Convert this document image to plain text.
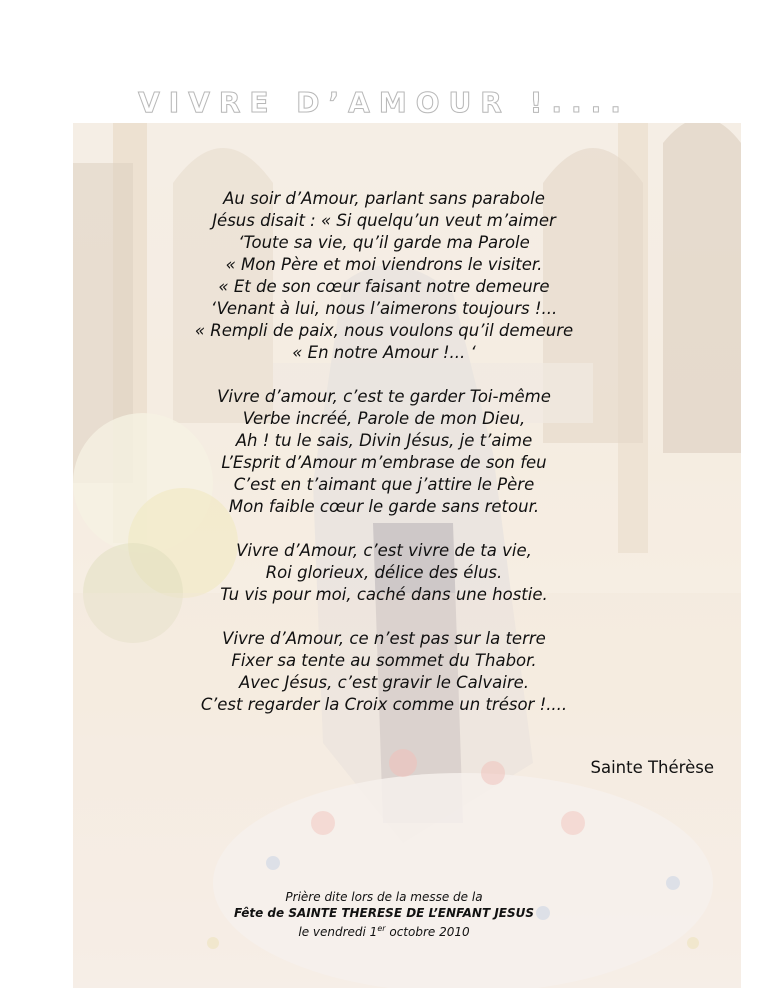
VIVRE D’AMOUR !....
Au soir d’Amour, parlant sans parabole
Jésus disait : « Si quelqu’un veut m’aimer
‘Toute sa vie, qu’il garde ma Parole
« Mon Père et moi viendrons le visiter.
« Et de son cœur faisant notre demeure
‘Venant à lui, nous l’aimerons toujours !...
« Rempli de paix, nous voulons qu’il demeure
« En notre Amour !... ‘
Vivre d’amour, c’est te garder Toi-même
Verbe incréé, Parole de mon Dieu,
Ah ! tu le sais, Divin Jésus, je t’aime
L’Esprit d’Amour m’embrase de son feu
C’est en t’aimant que j’attire le Père
Mon faible cœur le garde sans retour.
Vivre d’Amour, c’est vivre de ta vie,
Roi glorieux, délice des élus.
Tu vis pour moi, caché dans une hostie.
Vivre d’Amour, ce n’est pas sur la terre
Fixer sa tente au sommet du Thabor.
Avec Jésus, c’est gravir le Calvaire.
C’est regarder la Croix comme un trésor !....
Sainte Thérèse
Prière dite lors de la messe de la
Fête de SAINTE THERESE DE L’ENFANT JESUS
le vendredi 1er octobre 2010
